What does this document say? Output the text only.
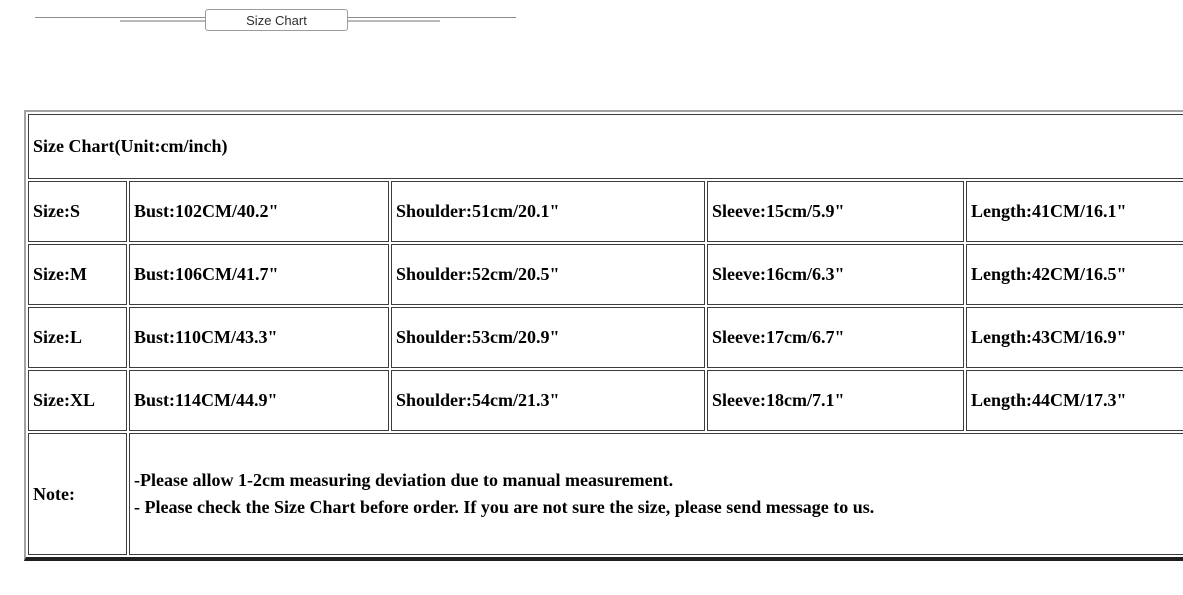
Size Chart
Size Chart(Unit:cm/inch)				
Size:S	Bust:102CM/40.2"	Shoulder:51cm/20.1"	Sleeve:15cm/5.9"	Length:41CM/16.1"
Size:M	Bust:106CM/41.7"	Shoulder:52cm/20.5"	Sleeve:16cm/6.3"	Length:42CM/16.5"
Size:L	Bust:110CM/43.3"	Shoulder:53cm/20.9"	Sleeve:17cm/6.7"	Length:43CM/16.9"
Size:XL	Bust:114CM/44.9"	Shoulder:54cm/21.3"	Sleeve:18cm/7.1"	Length:44CM/17.3"
Note:	-Please allow 1-2cm measuring deviation due to manual measurement.
- Please check the Size Chart before order. If you are not sure the size, please send message to us.			
